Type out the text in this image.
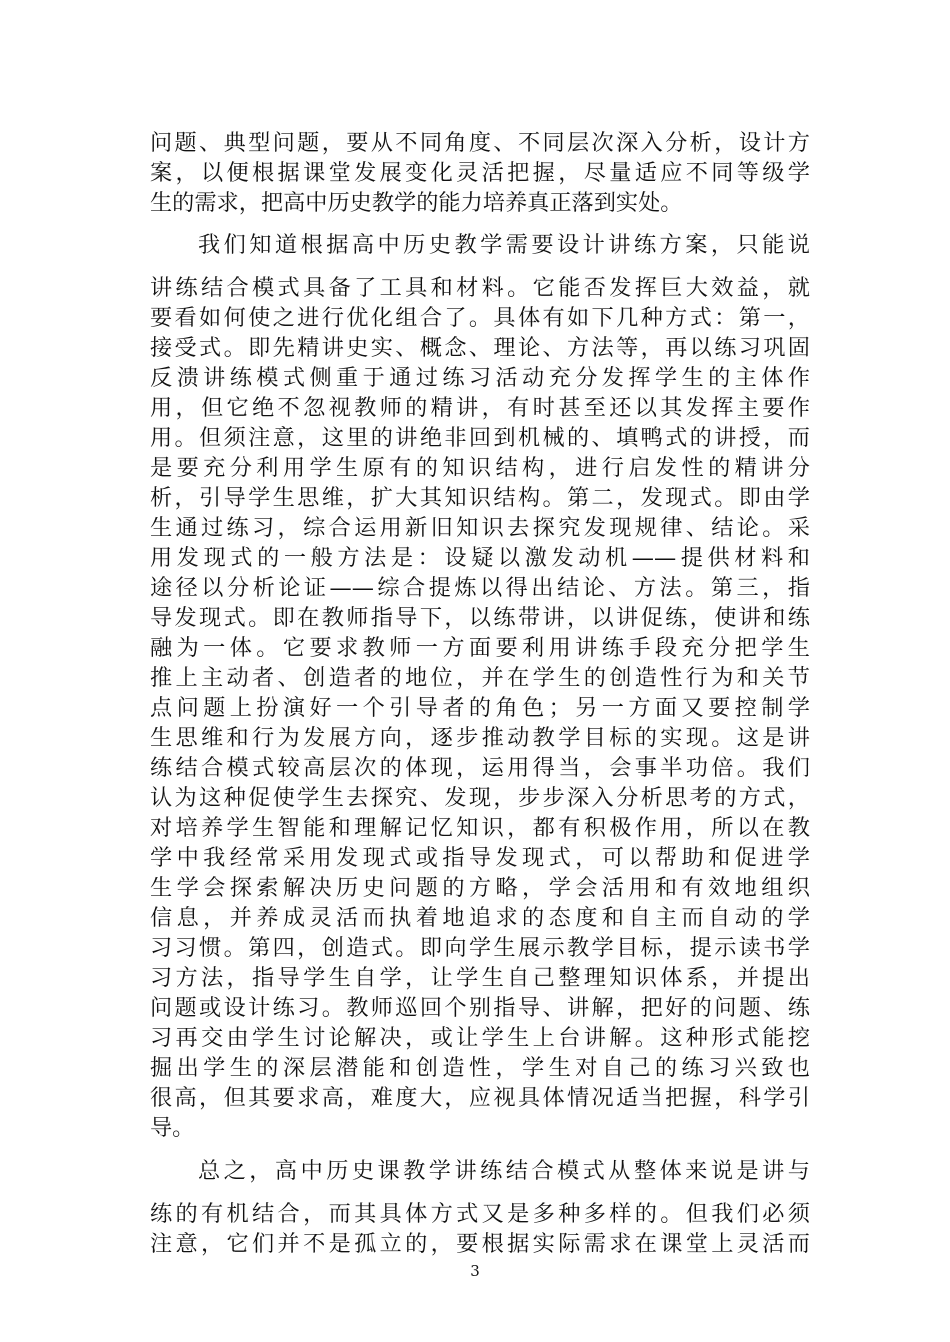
问题、典型问题，要从不同角度、不同层次深入分析，设计方
案，以便根据课堂发展变化灵活把握，尽量适应不同等级学
生的需求，把高中历史教学的能力培养真正落到实处。
我们知道根据高中历史教学需要设计讲练方案，只能说
讲练结合模式具备了工具和材料。它能否发挥巨大效益，就
要看如何使之进行优化组合了。具体有如下几种方式：第一，
接受式。即先精讲史实、概念、理论、方法等，再以练习巩固
反溃讲练模式侧重于通过练习活动充分发挥学生的主体作
用，但它绝不忽视教师的精讲，有时甚至还以其发挥主要作
用。但须注意，这里的讲绝非回到机械的、填鸭式的讲授，而
是要充分利用学生原有的知识结构，进行启发性的精讲分
析，引导学生思维，扩大其知识结构。第二，发现式。即由学
生通过练习，综合运用新旧知识去探究发现规律、结论。采
用发现式的一般方法是：设疑以激发动机——提供材料和
途径以分析论证——综合提炼以得出结论、方法。第三，指
导发现式。即在教师指导下，以练带讲，以讲促练，使讲和练
融为一体。它要求教师一方面要利用讲练手段充分把学生
推上主动者、创造者的地位，并在学生的创造性行为和关节
点问题上扮演好一个引导者的角色；另一方面又要控制学
生思维和行为发展方向，逐步推动教学目标的实现。这是讲
练结合模式较高层次的体现，运用得当，会事半功倍。我们
认为这种促使学生去探究、发现，步步深入分析思考的方式，
对培养学生智能和理解记忆知识，都有积极作用，所以在教
学中我经常采用发现式或指导发现式，可以帮助和促进学
生学会探索解决历史问题的方略，学会活用和有效地组织
信息，并养成灵活而执着地追求的态度和自主而自动的学
习习惯。第四，创造式。即向学生展示教学目标，提示读书学
习方法，指导学生自学，让学生自己整理知识体系，并提出
问题或设计练习。教师巡回个别指导、讲解，把好的问题、练
习再交由学生讨论解决，或让学生上台讲解。这种形式能挖
掘出学生的深层潜能和创造性，学生对自己的练习兴致也
很高，但其要求高，难度大，应视具体情况适当把握，科学引
导。
总之，高中历史课教学讲练结合模式从整体来说是讲与
练的有机结合，而其具体方式又是多种多样的。但我们必须
注意，它们并不是孤立的，要根据实际需求在课堂上灵活而
3
